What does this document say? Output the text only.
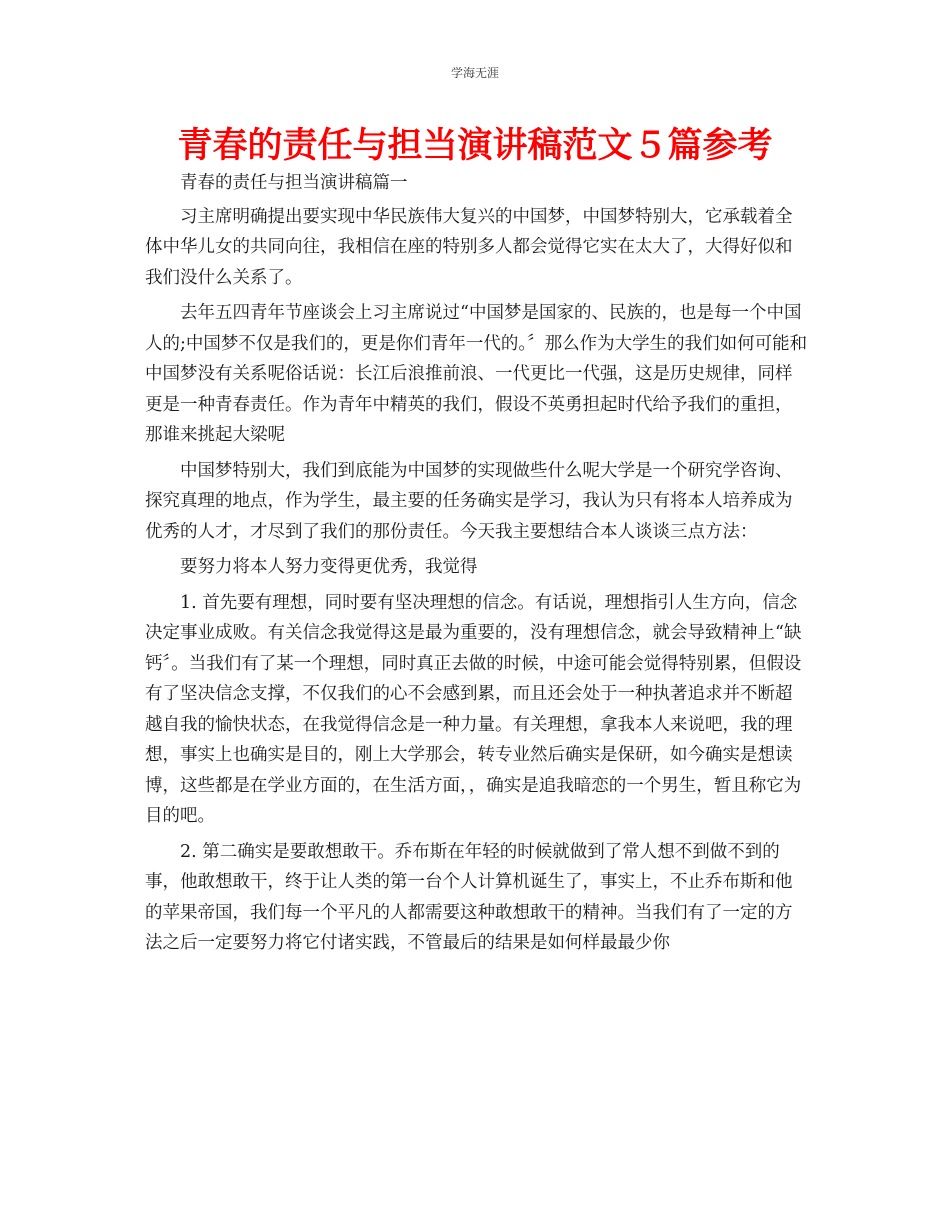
学海无涯
青春的责任与担当演讲稿范文５篇参考

青春的责任与担当演讲稿篇一

习主席明确提出要实现中华民族伟大复兴的中国梦，中国梦特别大，它承载着全体中华儿女的共同向往，我相信在座的特别多人都会觉得它实在太大了，大得好似和我们没什么关系了。

去年五四青年节座谈会上习主席说过“中国梦是国家的、民族的，也是每一个中国人的;中国梦不仅是我们的，更是你们青年一代的。〞那么作为大学生的我们如何可能和中国梦没有关系呢俗话说：长江后浪推前浪、一代更比一代强，这是历史规律，同样更是一种青春责任。作为青年中精英的我们，假设不英勇担起时代给予我们的重担，那谁来挑起大梁呢

中国梦特别大，我们到底能为中国梦的实现做些什么呢大学是一个研究学咨询、探究真理的地点，作为学生，最主要的任务确实是学习，我认为只有将本人培养成为优秀的人才，才尽到了我们的那份责任。今天我主要想结合本人谈谈三点方法：

要努力将本人努力变得更优秀，我觉得

1. 首先要有理想，同时要有坚决理想的信念。有话说，理想指引人生方向，信念决定事业成败。有关信念我觉得这是最为重要的，没有理想信念，就会导致精神上“缺钙〞。当我们有了某一个理想，同时真正去做的时候，中途可能会觉得特别累，但假设有了坚决信念支撑，不仅我们的心不会感到累，而且还会处于一种执著追求并不断超越自我的愉快状态，在我觉得信念是一种力量。有关理想，拿我本人来说吧，我的理想，事实上也确实是目的，刚上大学那会，转专业然后确实是保研，如今确实是想读博，这些都是在学业方面的，在生活方面，，确实是追我暗恋的一个男生，暂且称它为目的吧。

2. 第二确实是要敢想敢干。乔布斯在年轻的时候就做到了常人想不到做不到的事，他敢想敢干，终于让人类的第一台个人计算机诞生了，事实上，不止乔布斯和他的苹果帝国，我们每一个平凡的人都需要这种敢想敢干的精神。当我们有了一定的方法之后一定要努力将它付诸实践，不管最后的结果是如何样最最少你
